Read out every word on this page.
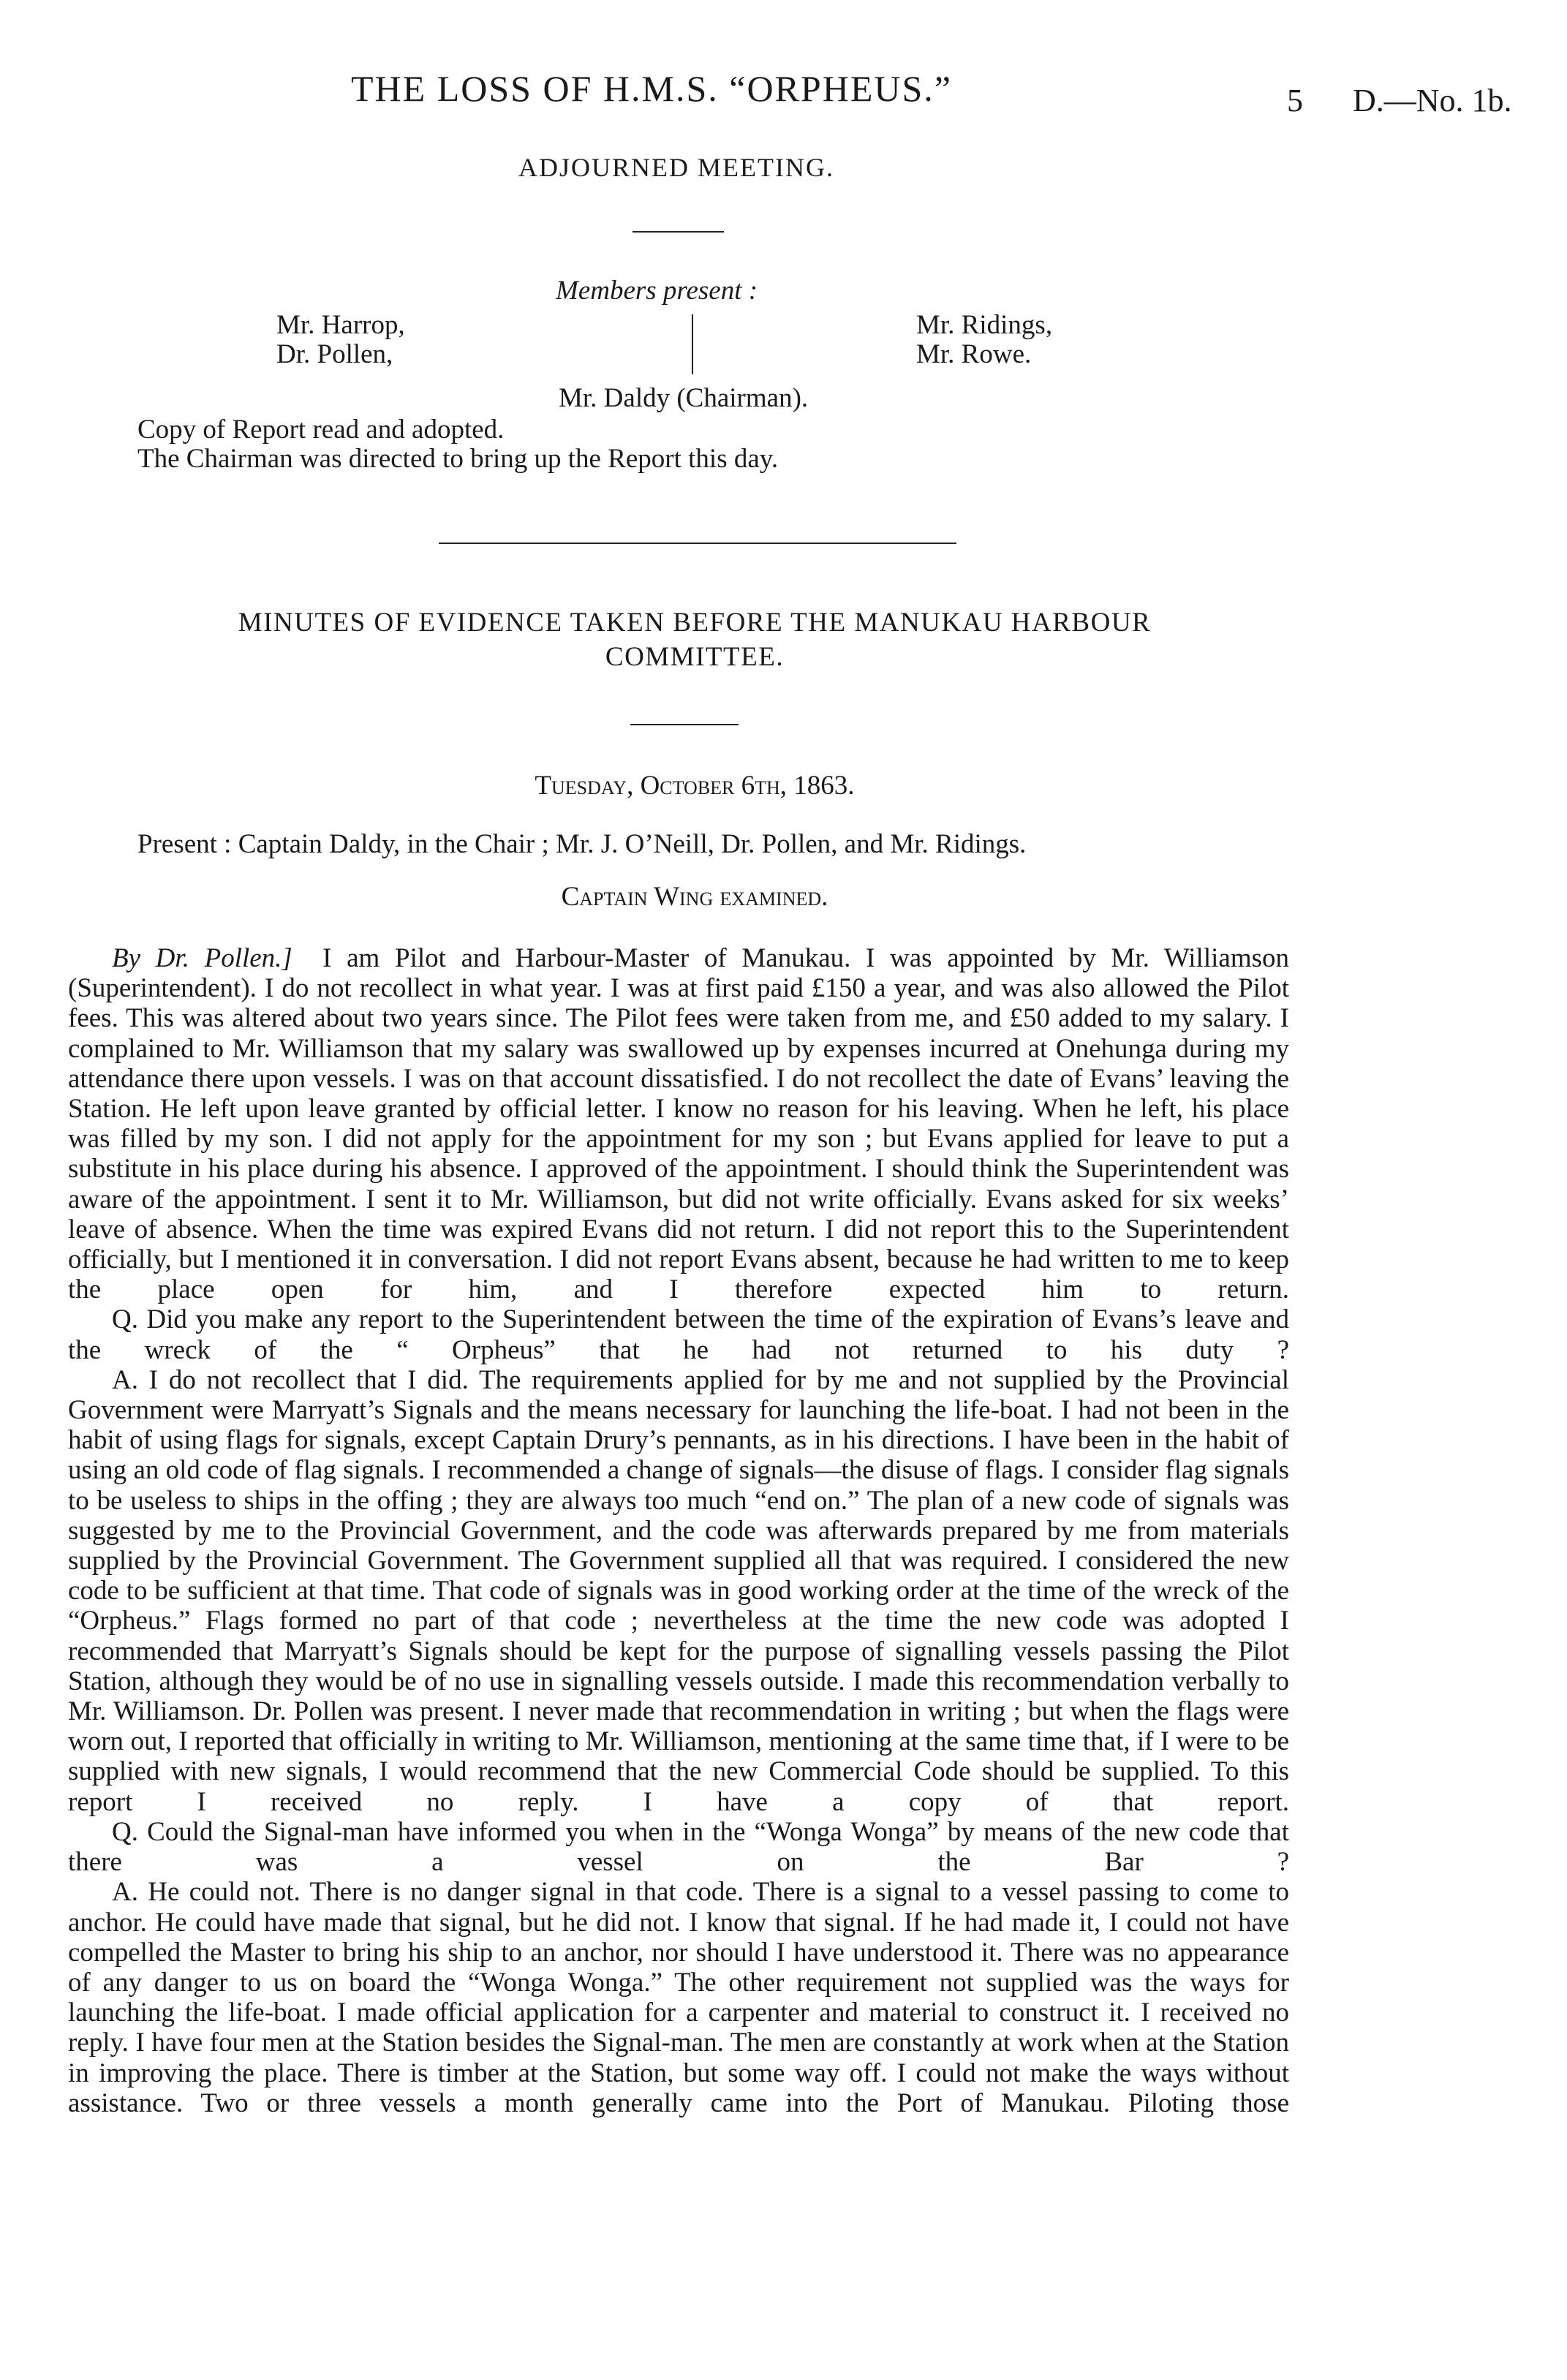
THE LOSS OF H.M.S. “ORPHEUS.”	5 D.—No. 1b.
ADJOURNED MEETING.
Members present :
Mr. Harrop,
Dr. Pollen,
Mr. Ridings,
Mr. Rowe.
Mr. Daldy (Chairman).
Copy of Report read and adopted.
The Chairman was directed to bring up the Report this day.
MINUTES OF EVIDENCE TAKEN BEFORE THE MANUKAU HARBOUR
COMMITTEE.
Tuesday, October 6th, 1863.
Present : Captain Daldy, in the Chair ; Mr. J. O’Neill, Dr. Pollen, and Mr. Ridings.
Captain Wing examined.

By Dr. Pollen.] I am Pilot and Harbour-Master of Manukau. I was appointed by Mr. Williamson (Superintendent). I do not recollect in what year. I was at first paid £150 a year, and was also allowed the Pilot fees. This was altered about two years since. The Pilot fees were taken from me, and £50 added to my salary. I complained to Mr. Williamson that my salary was swallowed up by expenses incurred at Onehunga during my attendance there upon vessels. I was on that account dissatisfied. I do not recollect the date of Evans’ leaving the Station. He left upon leave granted by official letter. I know no reason for his leaving. When he left, his place was filled by my son. I did not apply for the appointment for my son ; but Evans applied for leave to put a substitute in his place during his absence. I approved of the appointment. I should think the Superintendent was aware of the appointment. I sent it to Mr. Williamson, but did not write officially. Evans asked for six weeks’ leave of absence. When the time was expired Evans did not return. I did not report this to the Superintendent officially, but I mentioned it in conversation. I did not report Evans absent, because he had written to me to keep the place open for him, and I therefore expected him to return.

Q. Did you make any report to the Superintendent between the time of the expiration of Evans’s leave and the wreck of the “ Orpheus” that he had not returned to his duty ?

A. I do not recollect that I did. The requirements applied for by me and not supplied by the Provincial Government were Marryatt’s Signals and the means necessary for launching the life-boat. I had not been in the habit of using flags for signals, except Captain Drury’s pennants, as in his directions. I have been in the habit of using an old code of flag signals. I recommended a change of signals—the disuse of flags. I consider flag signals to be useless to ships in the offing ; they are always too much “end on.” The plan of a new code of signals was suggested by me to the Provincial Government, and the code was afterwards prepared by me from materials supplied by the Provincial Government. The Government supplied all that was required. I considered the new code to be sufficient at that time. That code of signals was in good working order at the time of the wreck of the “Orpheus.” Flags formed no part of that code ; nevertheless at the time the new code was adopted I recommended that Marryatt’s Signals should be kept for the purpose of signalling vessels passing the Pilot Station, although they would be of no use in signalling vessels outside. I made this recommendation verbally to Mr. Williamson. Dr. Pollen was present. I never made that recommendation in writing ; but when the flags were worn out, I reported that officially in writing to Mr. Williamson, mentioning at the same time that, if I were to be supplied with new signals, I would recommend that the new Commercial Code should be supplied. To this report I received no reply. I have a copy of that report.

Q. Could the Signal-man have informed you when in the “Wonga Wonga” by means of the new code that there was a vessel on the Bar ?

A. He could not. There is no danger signal in that code. There is a signal to a vessel passing to come to anchor. He could have made that signal, but he did not. I know that signal. If he had made it, I could not have compelled the Master to bring his ship to an anchor, nor should I have understood it. There was no appearance of any danger to us on board the “Wonga Wonga.” The other requirement not supplied was the ways for launching the life-boat. I made official application for a carpenter and material to construct it. I received no reply. I have four men at the Station besides the Signal-man. The men are constantly at work when at the Station in improving the place. There is timber at the Station, but some way off. I could not make the ways without assistance. Two or three vessels a month generally came into the Port of Manukau. Piloting those
